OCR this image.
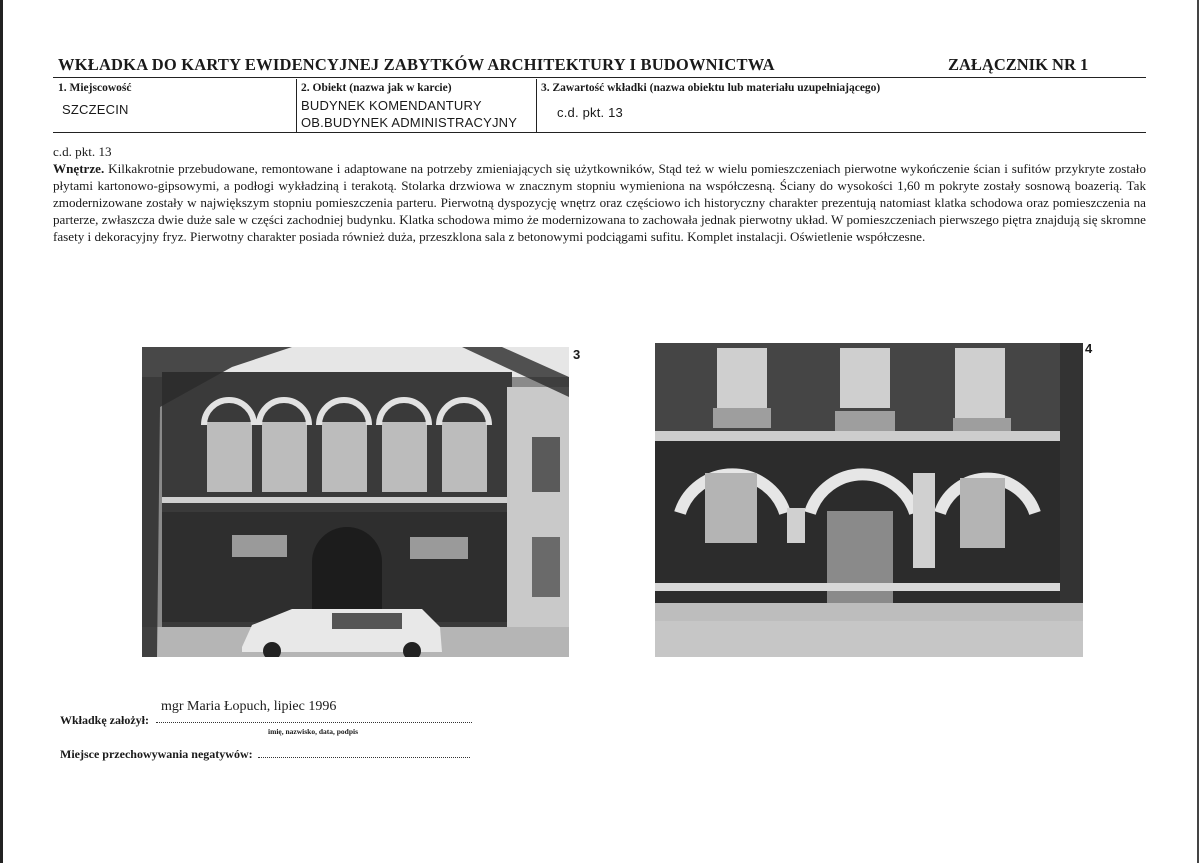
WKŁADKA DO KARTY EWIDENCYJNEJ ZABYTKÓW ARCHITEKTURY I BUDOWNICTWA	ZAŁĄCZNIK NR 1
1. Miejscowość
SZCZECIN
2. Obiekt (nazwa jak w karcie)
BUDYNEK KOMENDANTURY
OB.BUDYNEK ADMINISTRACYJNY
3. Zawartość wkładki (nazwa obiektu lub materiału uzupełniającego)
c.d. pkt. 13
c.d. pkt. 13
Wnętrze. Kilkakrotnie przebudowane, remontowane i adaptowane na potrzeby zmieniających się użytkowników, Stąd też w wielu pomieszczeniach pierwotne wykończenie ścian i sufitów przykryte zostało płytami kartonowo-gipsowymi, a podłogi wykładziną i terakotą. Stolarka drzwiowa w znacznym stopniu wymieniona na współczesną. Ściany do wysokości 1,60 m pokryte zostały sosnową boazerią. Tak zmodernizowane zostały w największym stopniu pomieszczenia parteru. Pierwotną dyspozycję wnętrz oraz częściowo ich historyczny charakter prezentują natomiast klatka schodowa oraz pomieszczenia na parterze, zwłaszcza dwie duże sale w części zachodniej budynku. Klatka schodowa mimo że modernizowana to zachowała jednak pierwotny układ. W pomieszczeniach pierwszego piętra znajdują się skromne fasety i dekoracyjny fryz. Pierwotny charakter posiada również duża, przeszklona sala z betonowymi podciągami sufitu. Komplet instalacji. Oświetlenie współczesne.
3	4
mgr Maria Łopuch, lipiec 1996
Wkładkę założył:
imię, nazwisko, data, podpis
Miejsce przechowywania negatywów:
